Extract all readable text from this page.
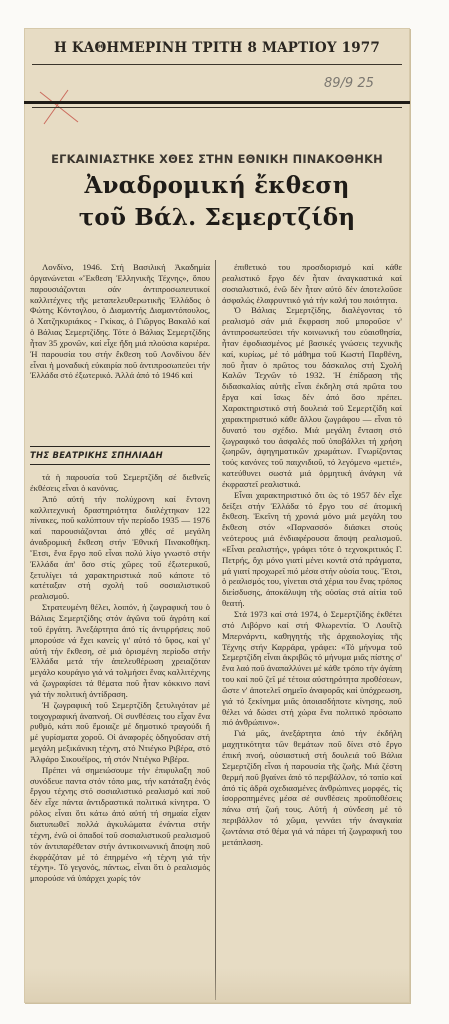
Η ΚΑΘΗΜΕΡΙΝΗ ΤΡΙΤΗ 8 ΜΑΡΤΙΟΥ 1977
89/9 25
ΕΓΚΑΙΝΙΑΣΤΗΚΕ ΧΘΕΣ ΣΤΗΝ ΕΘΝΙΚΗ ΠΙΝΑΚΟΘΗΚΗ
Ἀναδρομική ἔκθεση
τοῦ Βάλ. Σεμερτζίδη

Λονδίνο, 1946. Στή Βασιλική Ἀκαδημία ὀργανώνεται «Ἔκθεση Ἑλληνικῆς Τέχνης», ὅπου παρουσιάζονται σάν ἀντιπροσωπευτικοί καλλιτέχνες τῆς μεταπελευθερωτικῆς Ἑλλάδος ὁ Φώτης Κόντογλου, ὁ Διαμαντής Διαμαντόπουλος, ὁ Χατζηκυριάκος - Γκίκας, ὁ Γιῶργος Βακαλό καί ὁ Βάλιας Σεμερτζίδης. Τότε ὁ Βάλιας Σεμερτζίδης ἦταν 35 χρονῶν, καί εἶχε ἤδη μιά πλούσια καριέρα. Ἡ παρουσία του στήν ἔκθεση τοῦ Λονδίνου δέν εἶναι ἡ μοναδική εὐκαιρία ποῦ ἀντιπροσωπεύει τήν Ἑλλάδα στό ἐξωτερικό. Ἀλλά ἀπό τό 1946 καί

ΤΗΣ ΒΕΑΤΡΙΚΗΣ ΣΠΗΛΙΑΔΗ

τά ἡ παρουσία τοῦ Σεμερτζίδη σέ διεθνεῖς ἐκθέσεις εἶναι ὁ κανόνας.

Ἀπό αὐτή τήν πολύχρονη καί ἔντονη καλλιτεχνική δραστηριότητα διαλέχτηκαν 122 πίνακες, ποῦ καλύπτουν τήν περίοδο 1935 — 1976 καί παρουσιάζονται ἀπό χθές σέ μεγάλη ἀναδρομική ἔκθεση στήν Ἐθνική Πινακοθήκη. Ἔτσι, ἕνα ἔργο ποῦ εἶναι πολύ λίγο γνωστό στήν Ἑλλάδα ἀπ' ὅσο στίς χῶρες τοῦ ἐξωτερικοῦ, ξετυλίγει τά χαρακτηριστικά ποῦ κάποτε τό κατέταξαν στή σχολή τοῦ σοσιαλιστικοῦ ρεαλισμοῦ.

Στρατευμένη θέλει, λοιπόν, ἡ ζωγραφική του ὁ Βάλιας Σεμερτζίδης στόν ἀγῶνα τοῦ ἀγρότη καί τοῦ ἐργάτη. Ἀνεξάρτητα ἀπό τίς ἀντιρρήσεις ποῦ μπορούσε νά ἔχει κανείς γι' αὐτό τό ὕφος, καί γι' αὐτή τήν ἔκθεση, σέ μιά ὁρισμένη περίοδο στήν Ἑλλάδα μετά τήν ἀπελευθέρωση χρειαζόταν μεγάλο κουράγιο γιά νά τολμήσει ἕνας καλλιτέχνης νά ζωγραφίσει τά θέματα ποῦ ἦταν κόκκινο πανί γιά τήν πολιτική ἀντίδραση.

Ἡ ζωγραφική τοῦ Σεμερτζίδη ξετυλιγόταν μέ τοιχογραφική ἀναπνοή. Οἱ συνθέσεις του εἶχαν ἕνα ρυθμό, κάτι ποῦ ἔμοιαζε μέ δημοτικό τραγούδι ἤ μέ γυρίσματα χοροῦ. Οἱ ἀναφορές ὁδηγοῦσαν στή μεγάλη μεξικάνικη τέχνη, στό Ντιέγκο Ριβέρα, στό Ἀλφάρο Σικουέϊρος, τή στόν Ντιέγκο Ριβέρα.

Πρέπει νά σημειώσουμε τήν ἐπιφυλαξη ποῦ συνόδευε παντα στόν τόπο μας, τήν κατάταξη ἑνός ἔργου τέχνης στό σοσιαλιστικό ρεαλισμό καί ποῦ δέν εἶχε πάντα ἀντιδραστικά πολιτικά κίνητρα. Ὁ ρόλος εἶναι ὅτι κάτω ἀπό αὐτή τή σημαία εἶχαν διατυπωθεῖ πολλά ἀγκυλώματα ἐνάντια στήν τέχνη, ἐνῶ οἱ ὁπαδοί τοῦ σοσιαλιστικοῦ ρεαλισμοῦ τόν ἀντιπαρέθεταν στήν ἀντικοινωνική ἄποψη ποῦ ἐκφράζόταν μέ τό ἐπηρμένο «ἡ τέχνη γιά τήν τέχνη». Τό γεγονός, πάντως, εἶναι ὅτι ὁ ρεαλισμός μπορούσε νά ὑπάρχει χωρίς τόν

ἐπιθετικό του προσδιορισμό καί κάθε ρεαλιστικό ἔργο δέν ἦταν ἀναγκαστικά καί σοσιαλιστικό, ἐνῶ δέν ἦταν αὐτό δέν ἀποτελοῦσε ἀσφαλώς ἐλαφρυντικό γιά τήν καλή του ποιότητα.

Ὁ Βάλιας Σεμερτζίδης, διαλέγοντας τό ρεαλισμό σάν μιά ἔκφραση ποῦ μποροῦσε ν' ἀντιπροσωπεύσει τήν κοινωνική του εὐαισθησία, ἦταν ἐφοδιασμένος μέ βασικές γνώσεις τεχνικῆς καί, κυρίως, μέ τό μάθημα τοῦ Κωστή Παρθένη, ποῦ ἦταν ὁ πρῶτος του δάσκαλος στή Σχολή Καλῶν Τεχνῶν τό 1932. Ἡ ἐπίδραση τῆς διδασκαλίας αὐτῆς εἶναι ἐκδηλη στά πρῶτα του ἔργα καί ἴσως δέν ἀπό ὅσο πρέπει. Χαρακτηριστικό στή δουλειά τοῦ Σεμερτζίδη καί χαρακτηριστικό κάθε ἄλλου ζωγράφου — εἶναι τό δυνατό του σχέδιο. Μιά μεγάλη ἔνταση στό ζωγραφικό του ἀσφαλές ποῦ ὑποβάλλει τή χρήση ζωηρῶν, ἀφηγηματικῶν χρωμάτων. Γνωρίζοντας τούς κανόνες τοῦ παιχνιδιοῦ, τό λεγόμενο «μετιέ», κατεύθυνει σωστά μιά ὁρμητική ἀνάγκη νά ἐκφραστεῖ ρεαλιστικά.

Εἶναι χαρακτηριστικό ὅτι ὡς τό 1957 δέν εἶχε δείξει στήν Ἑλλάδα τό ἔργο του σέ ἀτομική ἔκθεση. Ἐκεῖνη τή χρονιά μόνο μιά μεγάλη του ἔκθεση στόν «Παρνασσό» διάσκει στούς νεότερους μιά ἐνδιαφέρουσα ἄποψη ρεαλισμοῦ. «Εἶναι ρεαλιστής», γράφει τότε ὁ τεχνοκριτικός Γ. Πετρής, ὄχι μόνο γιατί μένει κοντά στά πράγματα, μά γιατί προχωρεῖ πιό μέσα στήν οὐσία τους. Ἔτσι, ὁ ρεαλισμός του, γίνεται στά χέρια του ἕνας τρόπος διείσδυσης, ἀποκάλυψη τῆς οὐσίας στά αἰτία τοῦ θεατή.

Στά 1973 καί στά 1974, ὁ Σεμερτζίδης ἐκθέτει στό Λιβόρνο καί στή Φλωρεντία. Ὁ Λουΐτζι Μπερνάρντι, καθηγητής τῆς ἀρχαιολογίας τῆς Τέχνης στήν Καρράρα, γράφει: «Τό μήνυμα τοῦ Σεμερτζίδη εἶναι ἀκριβῶς τό μήνυμα μιᾶς πίστης σ' ἕνα λαό ποῦ ἀναπαλλύνει μέ κάθε τρόπο τήν ἀγάπη του καί ποῦ ζεῖ μέ τέτοια αὐστηρότητα προθέσεων, ὥστε ν' ἀποτελεῖ σημεῖο ἀναφορᾶς καί ὑπόχρεωση, γιά τό ξεκίνημα μιᾶς ὁποιασδήποτε κίνησης, ποῦ θέλει νά δώσει στή χώρα ἕνα πολιτικό πρόσωπο πιό ἀνθρώπινο».

Γιά μᾶς, ἀνεξάρτητα ἀπό τήν ἐκδήλη μαχητικότητα τῶν θεμάτων ποῦ δίνει στό ἔργο ἐπική πνοή, οὐσιαστική στή δουλειά τοῦ Βάλια Σεμερτζίδη εἶναι ἡ παρουσία τῆς ζωῆς. Μιά ζέστη θερμή ποῦ βγαίνει ἀπό τό περιβάλλον, τό τοπίο καί ἀπό τίς ἀδρά σχεδιασμένες ἀνθρώπινες μορφές, τίς ἰσορροπημένες μέσα σέ συνθέσεις προϋποθέσεις πάνω στή ζωή τους. Αὐτή ἡ σύνδεση μέ τό περιβάλλον τό χῶμα, γεννάει τήν ἀναγκαία ζωντάνια στό θέμα γιά νά πάρει τή ζωγραφική του μετάπλαση.
